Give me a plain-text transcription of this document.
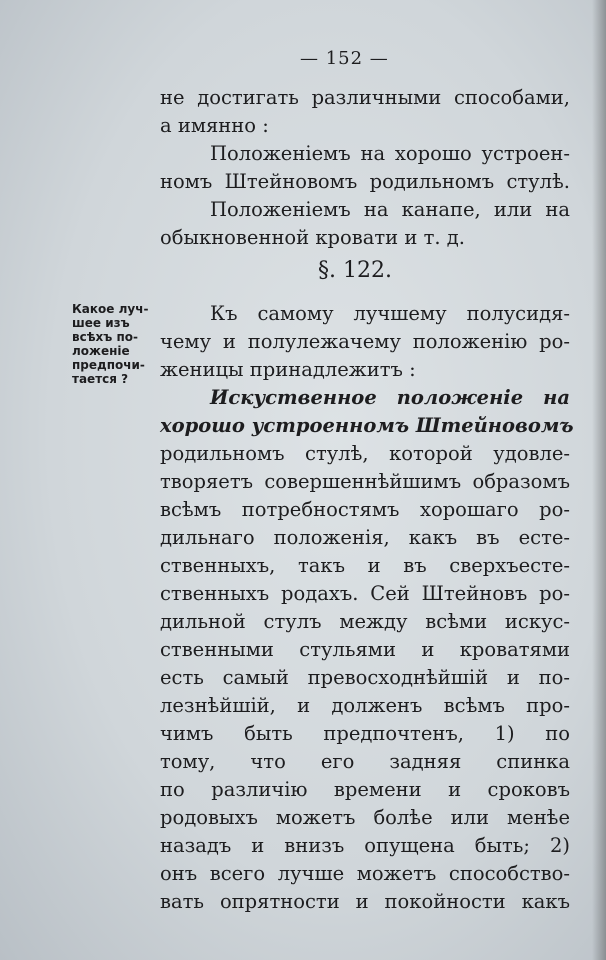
— 152 —
не достигать различными способами,
а имянно :
Положенiемъ на хорошо устроен-
номъ Штейновомъ родильномъ стулѣ.
Положенiемъ на канапе, или на
обыкновенной кровати и т. д.
§. 122.
Какое луч-
шее изъ
всѣхъ по-
ложенie
предпочи-
тается ?
Къ самому лучшему полусидя-
чему и полулежачему положенiю ро-
женицы принадлежитъ :
Искуственное положенiе на
хорошо устроенномъ Штейновомъ
родильномъ стулѣ, которой удовле-
творяетъ совершеннѣйшимъ образомъ
всѣмъ потребностямъ хорошаго ро-
дильнаго положенiя, какъ въ есте-
ственныхъ, такъ и въ сверхъесте-
ственныхъ родахъ. Сей Штейновъ ро-
дильной стулъ между всѣми искус-
ственными стульями и кроватями
есть самый превосходнѣйшiй и по-
лезнѣйшiй, и долженъ всѣмъ про-
чимъ быть предпочтенъ, 1) по
тому, что его задняя спинка
по различiю времени и сроковъ
родовыхъ можетъ болѣе или менѣе
назадъ и внизъ опущена быть; 2)
онъ всего лучше можетъ способство-
вать опрятности и покойности какъ
